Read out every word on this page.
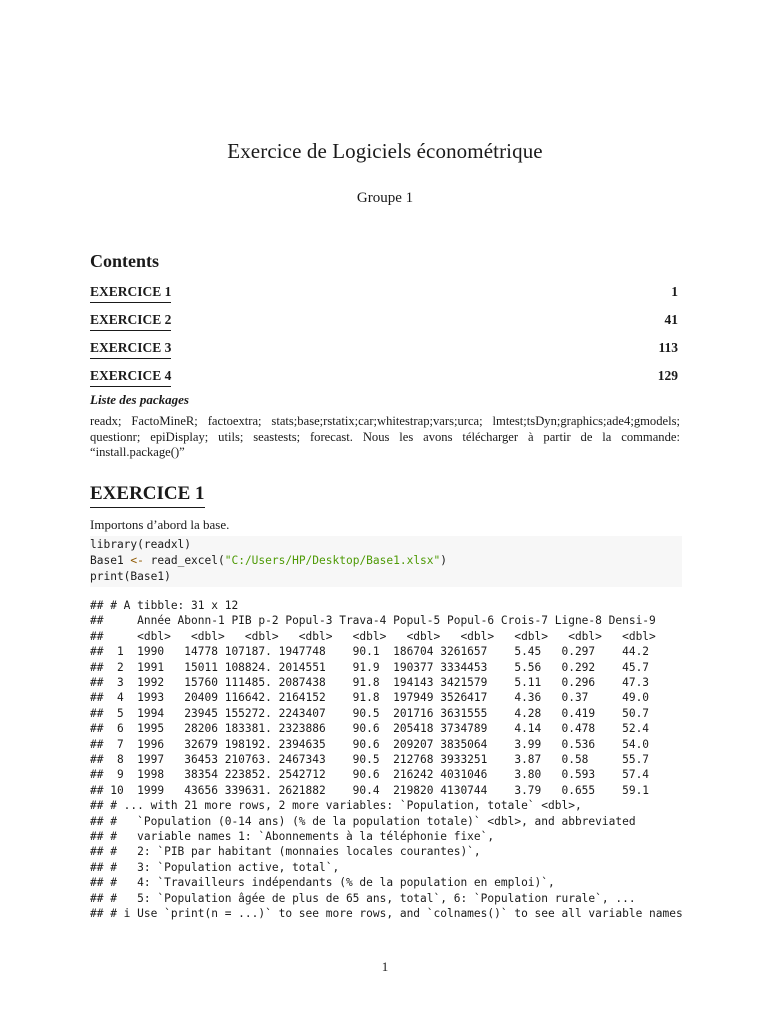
Exercice de Logiciels économétrique
Groupe 1
Contents
EXERCICE 1	1
EXERCICE 2	41
EXERCICE 3	113
EXERCICE 4	129
Liste des packages
readx; FactoMineR; factoextra; stats;base;rstatix;car;whitestrap;vars;urca; lmtest;tsDyn;graphics;ade4;gmodels; questionr; epiDisplay; utils; seastests; forecast. Nous les avons télécharger à partir de la commande: “install.package()”
EXERCICE 1
Importons d’abord la base.
library(readxl)
Base1 <- read_excel("C:/Users/HP/Desktop/Base1.xlsx")
print(Base1)
## # A tibble: 31 x 12
##     Année Abonn-1 PIB p-2 Popul-3 Trava-4 Popul-5 Popul-6 Crois-7 Ligne-8 Densi-9
##     <dbl>   <dbl>   <dbl>   <dbl>   <dbl>   <dbl>   <dbl>   <dbl>   <dbl>   <dbl>
##  1  1990   14778 107187. 1947748    90.1  186704 3261657    5.45   0.297    44.2
##  2  1991   15011 108824. 2014551    91.9  190377 3334453    5.56   0.292    45.7
##  3  1992   15760 111485. 2087438    91.8  194143 3421579    5.11   0.296    47.3
##  4  1993   20409 116642. 2164152    91.8  197949 3526417    4.36   0.37     49.0
##  5  1994   23945 155272. 2243407    90.5  201716 3631555    4.28   0.419    50.7
##  6  1995   28206 183381. 2323886    90.6  205418 3734789    4.14   0.478    52.4
##  7  1996   32679 198192. 2394635    90.6  209207 3835064    3.99   0.536    54.0
##  8  1997   36453 210763. 2467343    90.5  212768 3933251    3.87   0.58     55.7
##  9  1998   38354 223852. 2542712    90.6  216242 4031046    3.80   0.593    57.4
## 10  1999   43656 339631. 2621882    90.4  219820 4130744    3.79   0.655    59.1
## # ... with 21 more rows, 2 more variables: `Population, totale` <dbl>,
## #   `Population (0-14 ans) (% de la population totale)` <dbl>, and abbreviated
## #   variable names 1: `Abonnements à la téléphonie fixe`,
## #   2: `PIB par habitant (monnaies locales courantes)`,
## #   3: `Population active, total`,
## #   4: `Travailleurs indépendants (% de la population en emploi)`,
## #   5: `Population âgée de plus de 65 ans, total`, 6: `Population rurale`, ...
## # i Use `print(n = ...)` to see more rows, and `colnames()` to see all variable names
1
